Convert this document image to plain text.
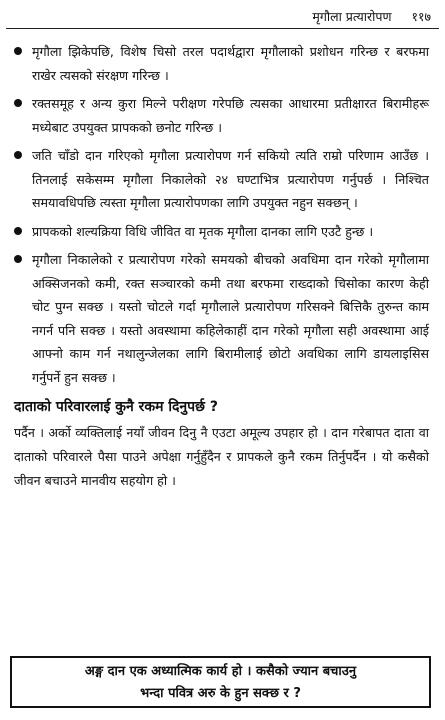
मृगौला प्रत्यारोपण ११७
मृगौला झिकेपछि, विशेष चिसो तरल पदार्थद्वारा मृगौलाको प्रशोधन गरिन्छ र बरफमा राखेर त्यसको संरक्षण गरिन्छ ।
रक्तसमूह र अन्य कुरा मिल्ने परीक्षण गरेपछि त्यसका आधारमा प्रतीक्षारत बिरामीहरू मध्येबाट उपयुक्त प्रापकको छनोट गरिन्छ ।
जति चाँडो दान गरिएको मृगौला प्रत्यारोपण गर्न सकियो त्यति राम्रो परिणाम आउँछ । तिनलाई सकेसम्म मृगौला निकालेको २४ घण्टाभित्र प्रत्यारोपण गर्नुपर्छ । निश्चित समयावधिपछि त्यस्ता मृगौला प्रत्यारोपणका लागि उपयुक्त नहुन सक्छन् ।
प्रापकको शल्यक्रिया विधि जीवित वा मृतक मृगौला दानका लागि एउटै हुन्छ ।
मृगौला निकालेको र प्रत्यारोपण गरेको समयको बीचको अवधिमा दान गरेको मृगौलामा अक्सिजनको कमी, रक्त सञ्चारको कमी तथा बरफमा राख्दाको चिसोका कारण केही चोट पुग्न सक्छ । यस्तो चोटले गर्दा मृगौलाले प्रत्यारोपण गरिसक्ने बित्तिकै तुरुन्त काम नगर्न पनि सक्छ । यस्तो अवस्थामा कहिलेकाहीं दान गरेको मृगौला सही अवस्थामा आई आफ्नो काम गर्न नथालुन्जेलका लागि बिरामीलाई छोटो अवधिका लागि डायलाइसिस गर्नुपर्ने हुन सक्छ ।
दाताको परिवारलाई कुनै रकम दिनुपर्छ ?

पर्दैन । अर्को व्यक्तिलाई नयाँ जीवन दिनु नै एउटा अमूल्य उपहार हो । दान गरेबापत दाता वा दाताको परिवारले पैसा पाउने अपेक्षा गर्नुहुँदैन र प्रापकले कुनै रकम तिर्नुपर्दैन । यो कसैको जीवन बचाउने मानवीय सहयोग हो ।

अङ्ग दान एक अध्यात्मिक कार्य हो । कसैको ज्यान बचाउनु
भन्दा पवित्र अरु के हुन सक्छ र ?
